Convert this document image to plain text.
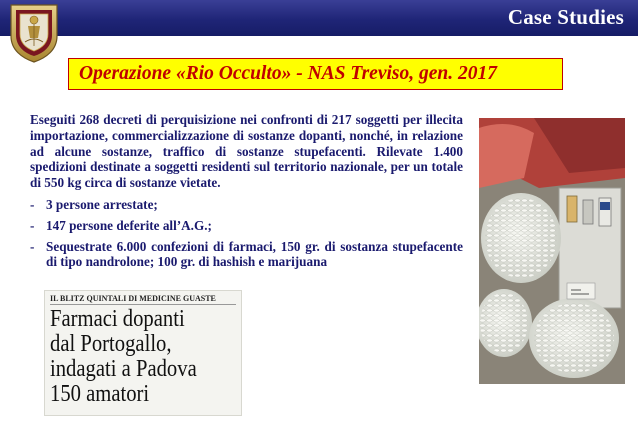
Case Studies
Operazione «Rio Occulto» - NAS Treviso, gen. 2017

Eseguiti 268 decreti di perquisizione nei confronti di 217 soggetti per illecita importazione, commercializzazione di sostanze dopanti, nonché, in relazione ad alcune sostanze, traffico di sostanze stupefacenti. Rilevate 1.400 spedizioni destinate a soggetti residenti sul territorio nazionale, per un totale di 550 kg circa di sostanze vietate.

- 3 persone arrestate;
- 147 persone deferite all’A.G.;
- Sequestrate 6.000 confezioni di farmaci, 150 gr. di sostanza stupefacente di tipo nandrolone; 100 gr. di hashish e marijuana
IL BLITZ QUINTALI DI MEDICINE GUASTE
Farmaci dopanti
dal Portogallo,
indagati a Padova
150 amatori
